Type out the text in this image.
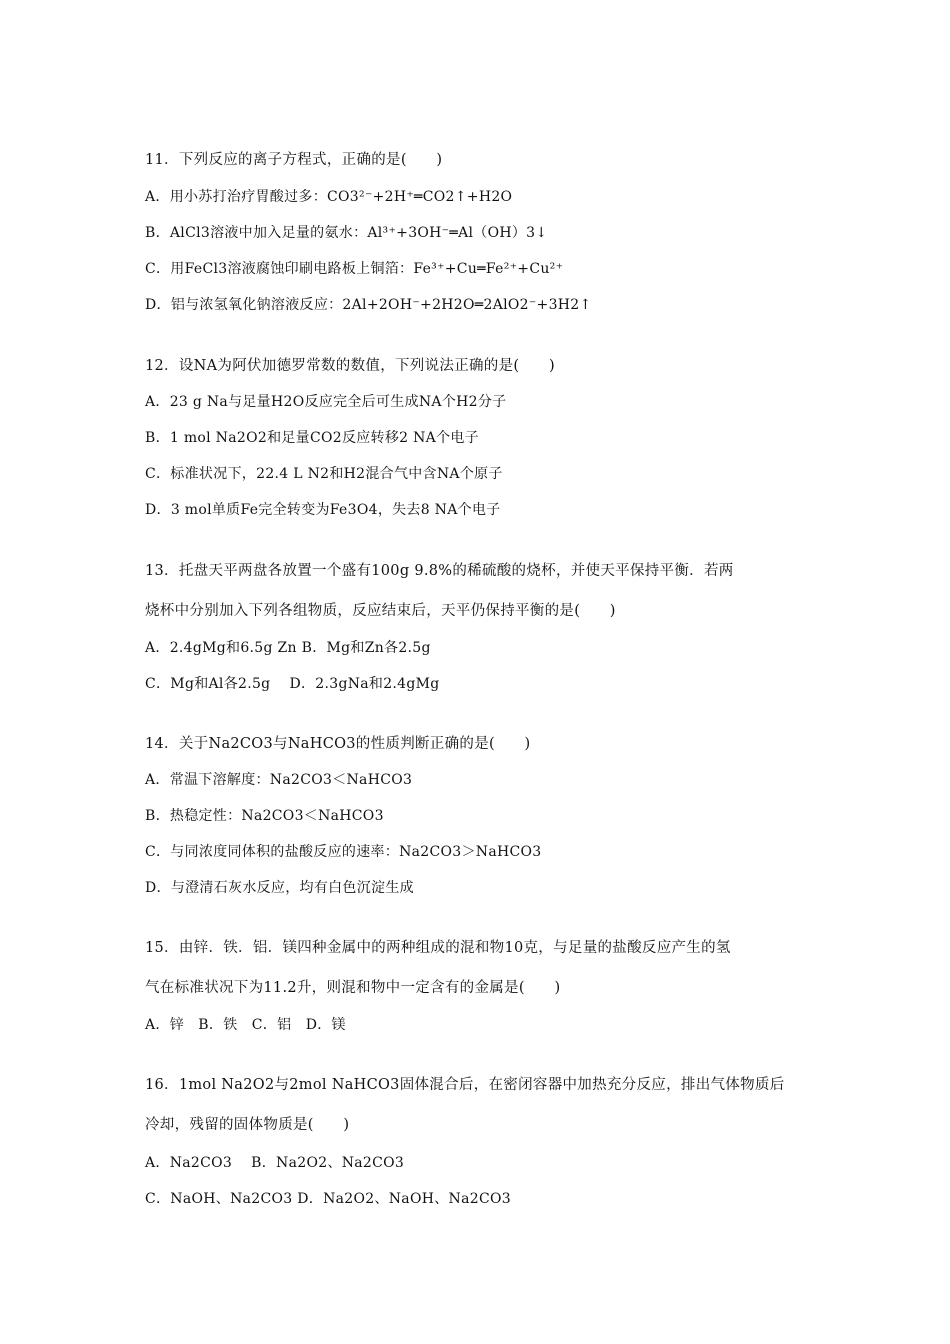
11．下列反应的离子方程式，正确的是(　　)
A．用小苏打治疗胃酸过多：CO3²⁻+2H⁺═CO2↑+H2O
B．AlCl3溶液中加入足量的氨水：Al³⁺+3OH⁻═Al（OH）3↓
C．用FeCl3溶液腐蚀印刷电路板上铜箔：Fe³⁺+Cu═Fe²⁺+Cu²⁺
D．铝与浓氢氧化钠溶液反应：2Al+2OH⁻+2H2O═2AlO2⁻+3H2↑
12．设NA为阿伏加德罗常数的数值，下列说法正确的是(　　)
A．23 g Na与足量H2O反应完全后可生成NA个H2分子
B．1 mol Na2O2和足量CO2反应转移2 NA个电子
C．标准状况下，22.4 L N2和H2混合气中含NA个原子
D．3 mol单质Fe完全转变为Fe3O4，失去8 NA个电子
13．托盘天平两盘各放置一个盛有100g 9.8%的稀硫酸的烧杯，并使天平保持平衡．若两
烧杯中分别加入下列各组物质，反应结束后，天平仍保持平衡的是(　　)
A．2.4gMg和6.5g Zn B．Mg和Zn各2.5g
C．Mg和Al各2.5g　 D．2.3gNa和2.4gMg
14．关于Na2CO3与NaHCO3的性质判断正确的是(　　)
A．常温下溶解度：Na2CO3＜NaHCO3
B．热稳定性：Na2CO3＜NaHCO3
C．与同浓度同体积的盐酸反应的速率：Na2CO3＞NaHCO3
D．与澄清石灰水反应，均有白色沉淀生成
15．由锌．铁．铝．镁四种金属中的两种组成的混和物10克，与足量的盐酸反应产生的氢
气在标准状况下为11.2升，则混和物中一定含有的金属是(　　)
A．锌　B．铁　C．铝　D．镁
16．1mol Na2O2与2mol NaHCO3固体混合后，在密闭容器中加热充分反应，排出气体物质后
冷却，残留的固体物质是(　　)
A．Na2CO3　 B．Na2O2、Na2CO3
C．NaOH、Na2CO3 D．Na2O2、NaOH、Na2CO3
